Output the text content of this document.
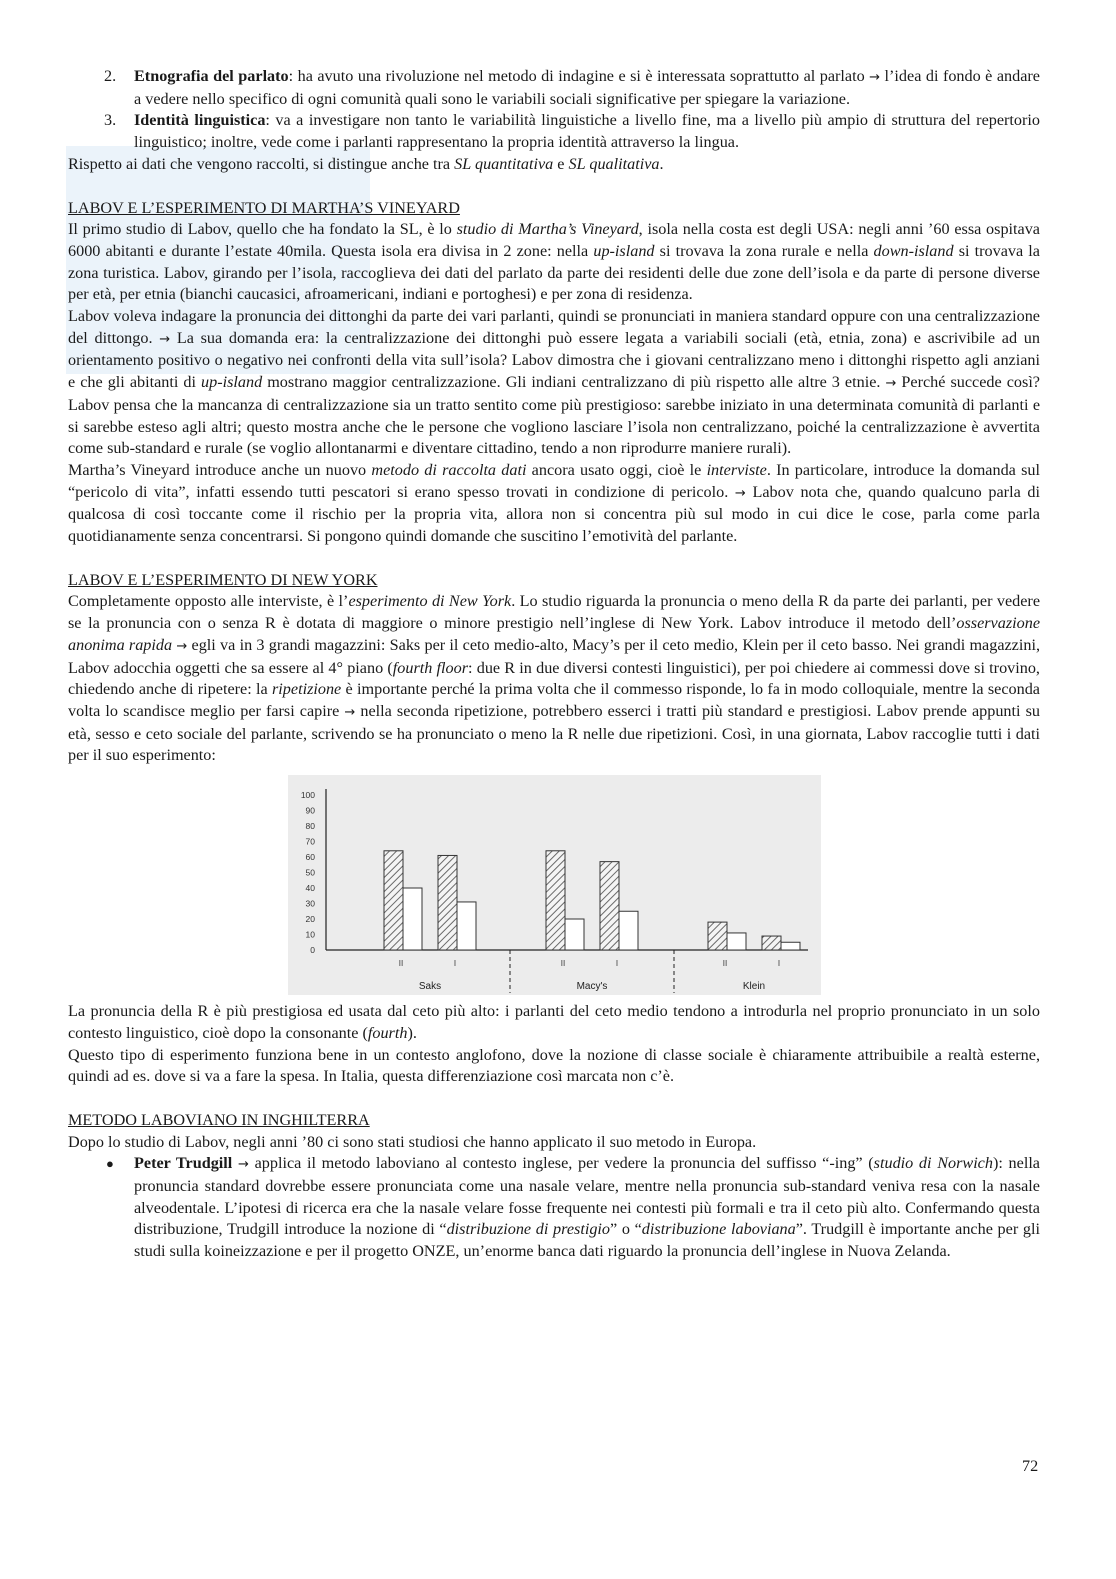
2. Etnografia del parlato: ha avuto una rivoluzione nel metodo di indagine e si è interessata soprattutto al parlato → l’idea di fondo è andare a vedere nello specifico di ogni comunità quali sono le variabili sociali significative per spiegare la variazione.

3. Identità linguistica: va a investigare non tanto le variabilità linguistiche a livello fine, ma a livello più ampio di struttura del repertorio linguistico; inoltre, vede come i parlanti rappresentano la propria identità attraverso la lingua.

Rispetto ai dati che vengono raccolti, si distingue anche tra SL quantitativa e SL qualitativa.

LABOV E L’ESPERIMENTO DI MARTHA’S VINEYARD

Il primo studio di Labov, quello che ha fondato la SL, è lo studio di Martha’s Vineyard, isola nella costa est degli USA: negli anni ’60 essa ospitava 6000 abitanti e durante l’estate 40mila. Questa isola era divisa in 2 zone: nella up-island si trovava la zona rurale e nella down-island si trovava la zona turistica. Labov, girando per l’isola, raccoglieva dei dati del parlato da parte dei residenti delle due zone dell’isola e da parte di persone diverse per età, per etnia (bianchi caucasici, afroamericani, indiani e portoghesi) e per zona di residenza.

Labov voleva indagare la pronuncia dei dittonghi da parte dei vari parlanti, quindi se pronunciati in maniera standard oppure con una centralizzazione del dittongo. → La sua domanda era: la centralizzazione dei dittonghi può essere legata a variabili sociali (età, etnia, zona) e ascrivibile ad un orientamento positivo o negativo nei confronti della vita sull’isola? Labov dimostra che i giovani centralizzano meno i dittonghi rispetto agli anziani e che gli abitanti di up-island mostrano maggior centralizzazione. Gli indiani centralizzano di più rispetto alle altre 3 etnie. → Perché succede così? Labov pensa che la mancanza di centralizzazione sia un tratto sentito come più prestigioso: sarebbe iniziato in una determinata comunità di parlanti e si sarebbe esteso agli altri; questo mostra anche che le persone che vogliono lasciare l’isola non centralizzano, poiché la centralizzazione è avvertita come sub-standard e rurale (se voglio allontanarmi e diventare cittadino, tendo a non riprodurre maniere rurali).

Martha’s Vineyard introduce anche un nuovo metodo di raccolta dati ancora usato oggi, cioè le interviste. In particolare, introduce la domanda sul “pericolo di vita”, infatti essendo tutti pescatori si erano spesso trovati in condizione di pericolo. → Labov nota che, quando qualcuno parla di qualcosa di così toccante come il rischio per la propria vita, allora non si concentra più sul modo in cui dice le cose, parla come parla quotidianamente senza concentrarsi. Si pongono quindi domande che suscitino l’emotività del parlante.

LABOV E L’ESPERIMENTO DI NEW YORK

Completamente opposto alle interviste, è l’esperimento di New York. Lo studio riguarda la pronuncia o meno della R da parte dei parlanti, per vedere se la pronuncia con o senza R è dotata di maggiore o minore prestigio nell’inglese di New York. Labov introduce il metodo dell’osservazione anonima rapida → egli va in 3 grandi magazzini: Saks per il ceto medio-alto, Macy’s per il ceto medio, Klein per il ceto basso. Nei grandi magazzini, Labov adocchia oggetti che sa essere al 4° piano (fourth floor: due R in due diversi contesti linguistici), per poi chiedere ai commessi dove si trovino, chiedendo anche di ripetere: la ripetizione è importante perché la prima volta che il commesso risponde, lo fa in modo colloquiale, mentre la seconda volta lo scandisce meglio per farsi capire → nella seconda ripetizione, potrebbero esserci i tratti più standard e prestigiosi. Labov prende appunti su età, sesso e ceto sociale del parlante, scrivendo se ha pronunciato o meno la R nelle due ripetizioni. Così, in una giornata, Labov raccoglie tutti i dati per il suo esperimento:

0
10
20
30
40
50
60
70
80
90
100
II	I
Saks
II	I
Macy's
II	I
Klein

La pronuncia della R è più prestigiosa ed usata dal ceto più alto: i parlanti del ceto medio tendono a introdurla nel proprio pronunciato in un solo contesto linguistico, cioè dopo la consonante (fourth).

Questo tipo di esperimento funziona bene in un contesto anglofono, dove la nozione di classe sociale è chiaramente attribuibile a realtà esterne, quindi ad es. dove si va a fare la spesa. In Italia, questa differenziazione così marcata non c’è.

METODO LABOVIANO IN INGHILTERRA

Dopo lo studio di Labov, negli anni ’80 ci sono stati studiosi che hanno applicato il suo metodo in Europa.

● Peter Trudgill → applica il metodo laboviano al contesto inglese, per vedere la pronuncia del suffisso “-ing” (studio di Norwich): nella pronuncia standard dovrebbe essere pronunciata come una nasale velare, mentre nella pronuncia sub-standard veniva resa con la nasale alveodentale. L’ipotesi di ricerca era che la nasale velare fosse frequente nei contesti più formali e tra il ceto più alto. Confermando questa distribuzione, Trudgill introduce la nozione di “distribuzione di prestigio” o “distribuzione laboviana”. Trudgill è importante anche per gli studi sulla koineizzazione e per il progetto ONZE, un’enorme banca dati riguardo la pronuncia dell’inglese in Nuova Zelanda.

72
